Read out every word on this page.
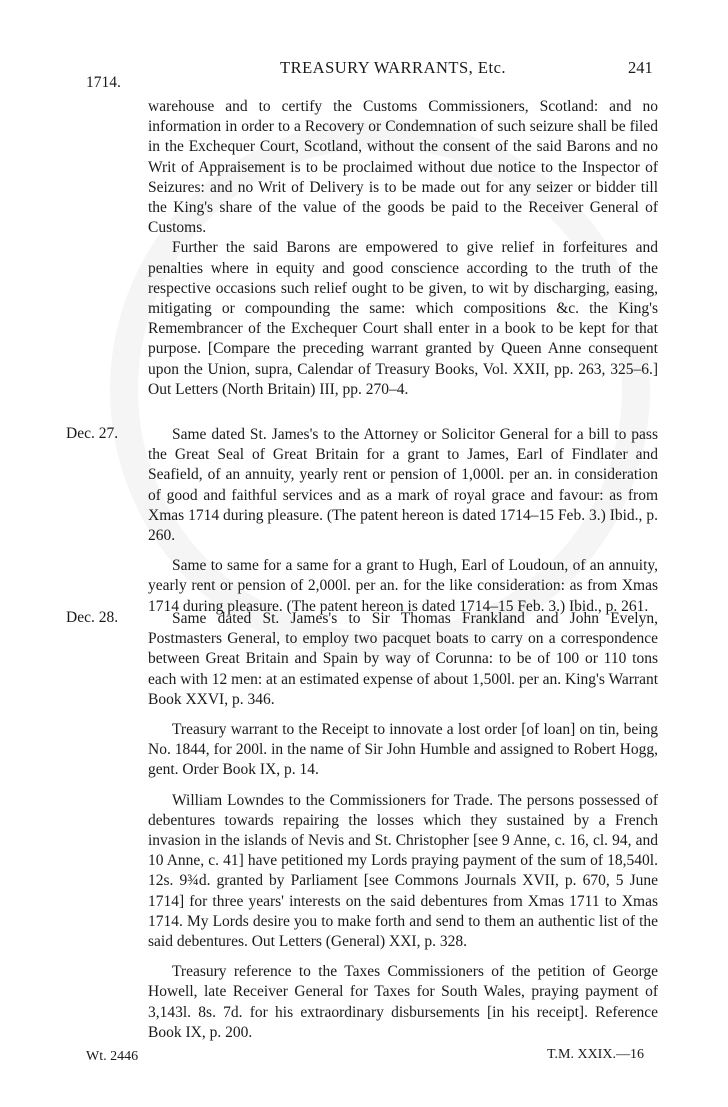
1714.
TREASURY WARRANTS, Etc.	241

warehouse and to certify the Customs Commissioners, Scotland: and no information in order to a Recovery or Condemnation of such seizure shall be filed in the Exchequer Court, Scotland, without the consent of the said Barons and no Writ of Appraisement is to be proclaimed without due notice to the Inspector of Seizures: and no Writ of Delivery is to be made out for any seizer or bidder till the King's share of the value of the goods be paid to the Receiver General of Customs.

Further the said Barons are empowered to give relief in forfeitures and penalties where in equity and good conscience according to the truth of the respective occasions such relief ought to be given, to wit by discharging, easing, mitigating or compounding the same: which compositions &c. the King's Remembrancer of the Exchequer Court shall enter in a book to be kept for that purpose. [Compare the preceding warrant granted by Queen Anne consequent upon the Union, supra, Calendar of Treasury Books, Vol. XXII, pp. 263, 325–6.] Out Letters (North Britain) III, pp. 270–4.

Dec. 27.	Same dated St. James's to the Attorney or Solicitor General for a bill to pass the Great Seal of Great Britain for a grant to James, Earl of Findlater and Seafield, of an annuity, yearly rent or pension of 1,000l. per an. in consideration of good and faithful services and as a mark of royal grace and favour: as from Xmas 1714 during pleasure. (The patent hereon is dated 1714–15 Feb. 3.) Ibid., p. 260.

Same to same for a same for a grant to Hugh, Earl of Loudoun, of an annuity, yearly rent or pension of 2,000l. per an. for the like consideration: as from Xmas 1714 during pleasure. (The patent hereon is dated 1714–15 Feb. 3.) Ibid., p. 261.

Dec. 28.	Same dated St. James's to Sir Thomas Frankland and John Evelyn, Postmasters General, to employ two pacquet boats to carry on a correspondence between Great Britain and Spain by way of Corunna: to be of 100 or 110 tons each with 12 men: at an estimated expense of about 1,500l. per an. King's Warrant Book XXVI, p. 346.

Treasury warrant to the Receipt to innovate a lost order [of loan] on tin, being No. 1844, for 200l. in the name of Sir John Humble and assigned to Robert Hogg, gent. Order Book IX, p. 14.

William Lowndes to the Commissioners for Trade. The persons possessed of debentures towards repairing the losses which they sustained by a French invasion in the islands of Nevis and St. Christopher [see 9 Anne, c. 16, cl. 94, and 10 Anne, c. 41] have petitioned my Lords praying payment of the sum of 18,540l. 12s. 9¾d. granted by Parliament [see Commons Journals XVII, p. 670, 5 June 1714] for three years' interests on the said debentures from Xmas 1711 to Xmas 1714. My Lords desire you to make forth and send to them an authentic list of the said debentures. Out Letters (General) XXI, p. 328.

Treasury reference to the Taxes Commissioners of the petition of George Howell, late Receiver General for Taxes for South Wales, praying payment of 3,143l. 8s. 7d. for his extraordinary disbursements [in his receipt]. Reference Book IX, p. 200.

Wt. 2446	T.M. XXIX.—16
